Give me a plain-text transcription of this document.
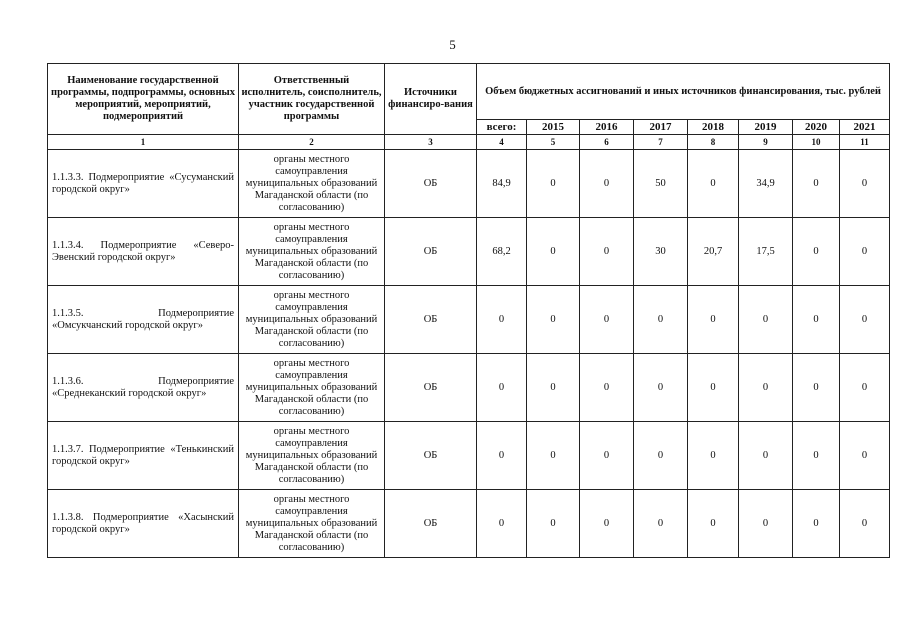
5
Наименование государственной программы, подпрограммы, основных мероприятий, мероприятий, подмероприятий	Ответственный исполнитель, соисполнитель, участник государственной программы	Источники финансиро-вания	Объем бюджетных ассигнований и иных источников финансирования, тыс. рублей							
			всего:	2015	2016	2017	2018	2019	2020	2021
1	2	3	4	5	6	7	8	9	10	11
1.1.3.3. Подмероприятие «Сусуманский городской округ»	органы местного самоуправления муниципальных образований Магаданской области (по согласованию)	ОБ	84,9	0	0	50	0	34,9	0	0
1.1.3.4. Подмероприятие «Северо-Эвенский городской округ»	органы местного самоуправления муниципальных образований Магаданской области (по согласованию)	ОБ	68,2	0	0	30	20,7	17,5	0	0
1.1.3.5. Подмероприятие «Омсукчанский городской округ»	органы местного самоуправления муниципальных образований Магаданской области (по согласованию)	ОБ	0	0	0	0	0	0	0	0
1.1.3.6. Подмероприятие «Среднеканский городской округ»	органы местного самоуправления муниципальных образований Магаданской области (по согласованию)	ОБ	0	0	0	0	0	0	0	0
1.1.3.7. Подмероприятие «Тенькинский городской округ»	органы местного самоуправления муниципальных образований Магаданской области (по согласованию)	ОБ	0	0	0	0	0	0	0	0
1.1.3.8. Подмероприятие «Хасынский городской округ»	органы местного самоуправления муниципальных образований Магаданской области (по согласованию)	ОБ	0	0	0	0	0	0	0	0
